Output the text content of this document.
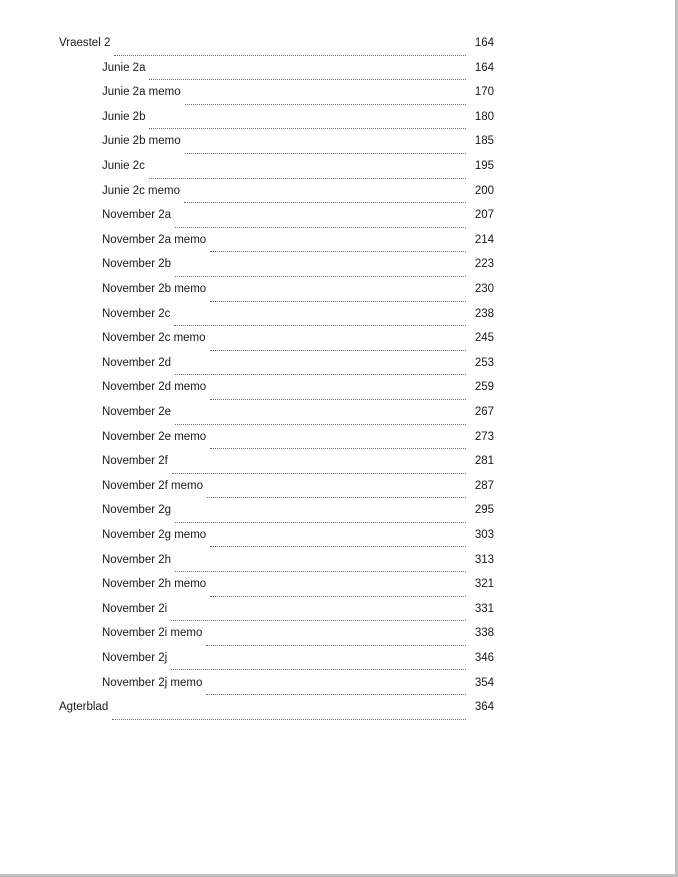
Vraestel 2	164
Junie 2a	164
Junie 2a memo	170
Junie 2b	180
Junie 2b memo	185
Junie 2c	195
Junie 2c memo	200
November 2a	207
November 2a memo	214
November 2b	223
November 2b memo	230
November 2c	238
November 2c memo	245
November 2d	253
November 2d memo	259
November 2e	267
November 2e memo	273
November 2f	281
November 2f memo	287
November 2g	295
November 2g memo	303
November 2h	313
November 2h memo	321
November 2i	331
November 2i memo	338
November 2j	346
November 2j memo	354
Agterblad	364
